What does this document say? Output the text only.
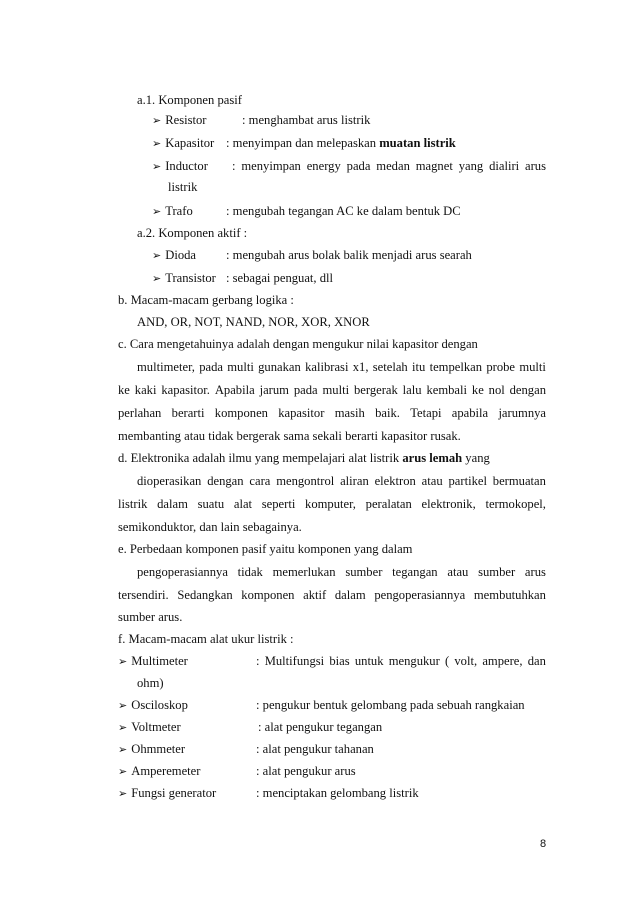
a.1. Komponen pasif
➢ Resistor	: menghambat arus listrik
➢ Kapasitor : menyimpan dan melepaskan muatan listrik
➢ Inductor : menyimpan energy pada medan magnet yang dialiri arus
listrik
➢ Trafo	: mengubah tegangan AC ke dalam bentuk DC
a.2. Komponen aktif :
➢ Dioda : mengubah arus bolak balik menjadi arus searah
➢ Transistor : sebagai penguat, dll
b. Macam-macam gerbang logika :
AND, OR, NOT, NAND, NOR, XOR, XNOR
c. Cara mengetahuinya adalah dengan mengukur nilai kapasitor dengan
multimeter, pada multi gunakan kalibrasi x1, setelah itu tempelkan probe multi
ke kaki kapasitor. Apabila jarum pada multi bergerak lalu kembali ke nol dengan
perlahan berarti komponen kapasitor masih baik. Tetapi apabila jarumnya
membanting atau tidak bergerak sama sekali berarti kapasitor rusak.
d. Elektronika adalah ilmu yang mempelajari alat listrik arus lemah yang
dioperasikan dengan cara mengontrol aliran elektron atau partikel bermuatan
listrik dalam suatu alat seperti komputer, peralatan elektronik, termokopel,
semikonduktor, dan lain sebagainya.
e. Perbedaan komponen pasif yaitu komponen yang dalam
pengoperasiannya tidak memerlukan sumber tegangan atau sumber arus
tersendiri. Sedangkan komponen aktif dalam pengoperasiannya membutuhkan
sumber arus.
f. Macam-macam alat ukur listrik :
➢ Multimeter	: Multifungsi bias untuk mengukur ( volt, ampere, dan
ohm)
➢ Osciloskop	: pengukur bentuk gelombang pada sebuah rangkaian
➢ Voltmeter	: alat pengukur tegangan
➢ Ohmmeter	: alat pengukur tahanan
➢ Amperemeter	: alat pengukur arus
➢ Fungsi generator	: menciptakan gelombang listrik
8
